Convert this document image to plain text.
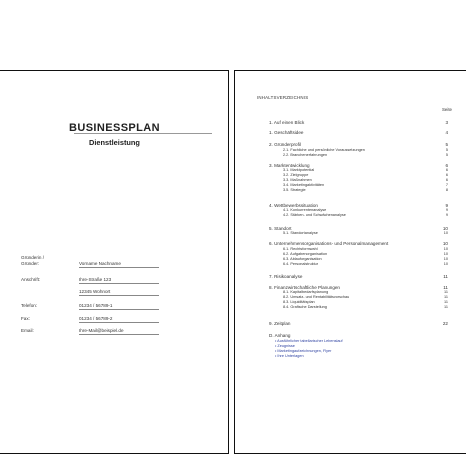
BUSINESSPLAN
Dienstleistung
Gründerin /
Gründer:	Vorname Nachname
Anschrift:	Ihre-Straße 123
12345 Wohnort
Telefon:	01234 / 56789-1
Fax:	01234 / 56789-2
Email:	Ihre-Mail@beispiel.de
INHALTSVERZEICHNIS
Seite
1. Auf einen Blick	3
1. Geschäftsidee	4
2. Gründerprofil	5
2.1. Fachliche und persönliche Voraussetzungen	5
2.2. Branchenerfahrungen	5
3. Marktentwicklung	6
3.1. Marktpotential	6
3.2. Zielgruppe	6
3.3. Maßnahmen	6
3.4. Marketingaktivitäten	7
3.5. Strategie	8
4. Wettbewerbssituation	9
4.1. Konkurrentenanalyse	9
4.2. Stärken- und Schwächenanalyse	9
5. Standort	10
5.1. Standortanalyse	10
6. Unternehmensorganisations- und Personalmanagement	10
6.1. Rechtsformwahl	10
6.2. Aufgabenorganisation	10
6.3. Ablauforganisation	10
6.4. Personalstruktur	10
7. Risikoanalyse	11
8. Finanzwirtschaftliche Planungen	11
8.1. Kapitalbedarfsplanung	11
8.2. Umsatz- und Rentabilitätsvorschau	11
8.3. Liquiditätsplan	11
8.4. Grafische Darstellung	11
9. Zeitplan	22
D. Anhang
• Ausführlicher tabellarischer Lebenslauf
• Zeugnisse
• Marketingaufzeichnungen, Flyer
• Ihre Unterlagen
